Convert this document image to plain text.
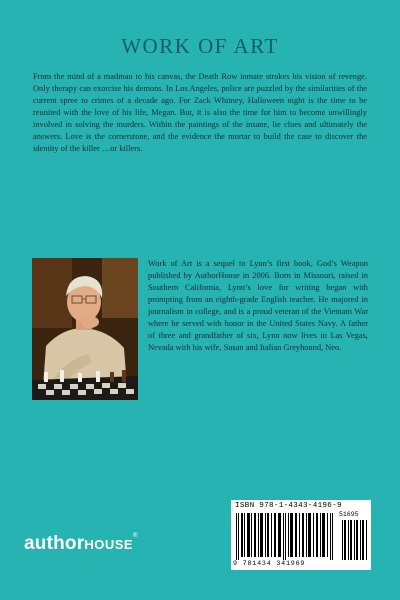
WORK OF ART
From the mind of a madman to his canvas, the Death Row inmate strokes his vision of revenge. Only therapy can exorcise his demons. In Los Angeles, police are puzzled by the similarities of the current spree to crimes of a decade ago. For Zack Whitney, Halloween night is the time to be reunited with the love of his life, Megan. But, it is also the time for him to become unwillingly involved in solving the murders. Within the paintings of the insane, lie clues and ultimately the answers. Love is the cornerstone, and the evidence the mortar to build the case to discover the identity of the killer …or killers.
Work of Art is a sequel to Lynn’s first book, God’s Weapon published by AuthorHouse in 2006. Born in Missouri, raised in Southern California, Lynn’s love for writing began with prompting from an eighth-grade English teacher. He majored in journalism in college, and is a proud veteran of the Vietnam War where he served with honor in the United States Navy. A father of three and grandfather of six, Lynn now lives in Las Vegas, Nevada with his wife, Susan and Italian Greyhound, Neo.
authorHOUSE®
ISBN 978-1-4343-4196-9
51695
9 781434 341969
